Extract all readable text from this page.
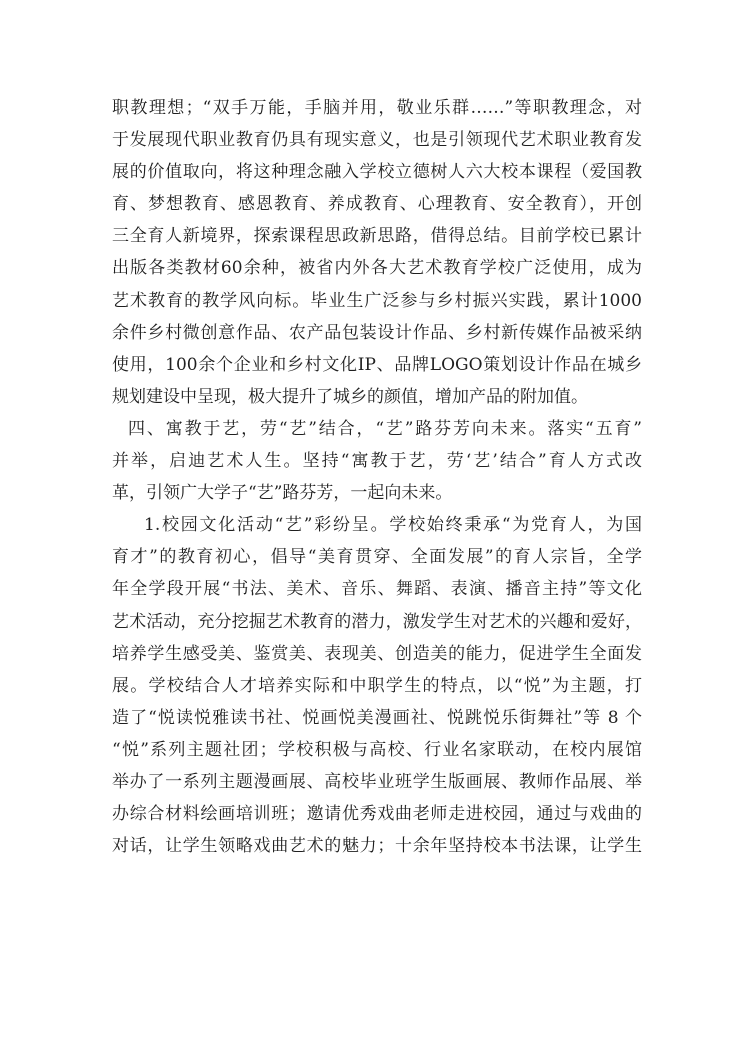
职教理想；“双手万能，手脑并用，敬业乐群……”等职教理念，对
于发展现代职业教育仍具有现实意义，也是引领现代艺术职业教育发
展的价值取向，将这种理念融入学校立德树人六大校本课程（爱国教
育、梦想教育、感恩教育、养成教育、心理教育、安全教育），开创
三全育人新境界，探索课程思政新思路，借得总结。目前学校已累计
出版各类教材60余种，被省内外各大艺术教育学校广泛使用，成为
艺术教育的教学风向标。毕业生广泛参与乡村振兴实践，累计1000
余件乡村微创意作品、农产品包装设计作品、乡村新传媒作品被采纳
使用，100余个企业和乡村文化IP、品牌LOGO策划设计作品在城乡
规划建设中呈现，极大提升了城乡的颜值，增加产品的附加值。
四、寓教于艺，劳“艺”结合，“艺”路芬芳向未来。落实“五育”
并举，启迪艺术人生。坚持“寓教于艺，劳‘艺’结合”育人方式改
革，引领广大学子“艺”路芬芳，一起向未来。
1.校园文化活动“艺”彩纷呈。学校始终秉承“为党育人，为国
育才”的教育初心，倡导“美育贯穿、全面发展”的育人宗旨，全学
年全学段开展“书法、美术、音乐、舞蹈、表演、播音主持”等文化
艺术活动，充分挖掘艺术教育的潜力，激发学生对艺术的兴趣和爱好，
培养学生感受美、鉴赏美、表现美、创造美的能力，促进学生全面发
展。学校结合人才培养实际和中职学生的特点，以“悦”为主题，打
造了“悦读悦雅读书社、悦画悦美漫画社、悦跳悦乐街舞社”等 8 个
“悦”系列主题社团；学校积极与高校、行业名家联动，在校内展馆
举办了一系列主题漫画展、高校毕业班学生版画展、教师作品展、举
办综合材料绘画培训班；邀请优秀戏曲老师走进校园，通过与戏曲的
对话，让学生领略戏曲艺术的魅力；十余年坚持校本书法课，让学生
